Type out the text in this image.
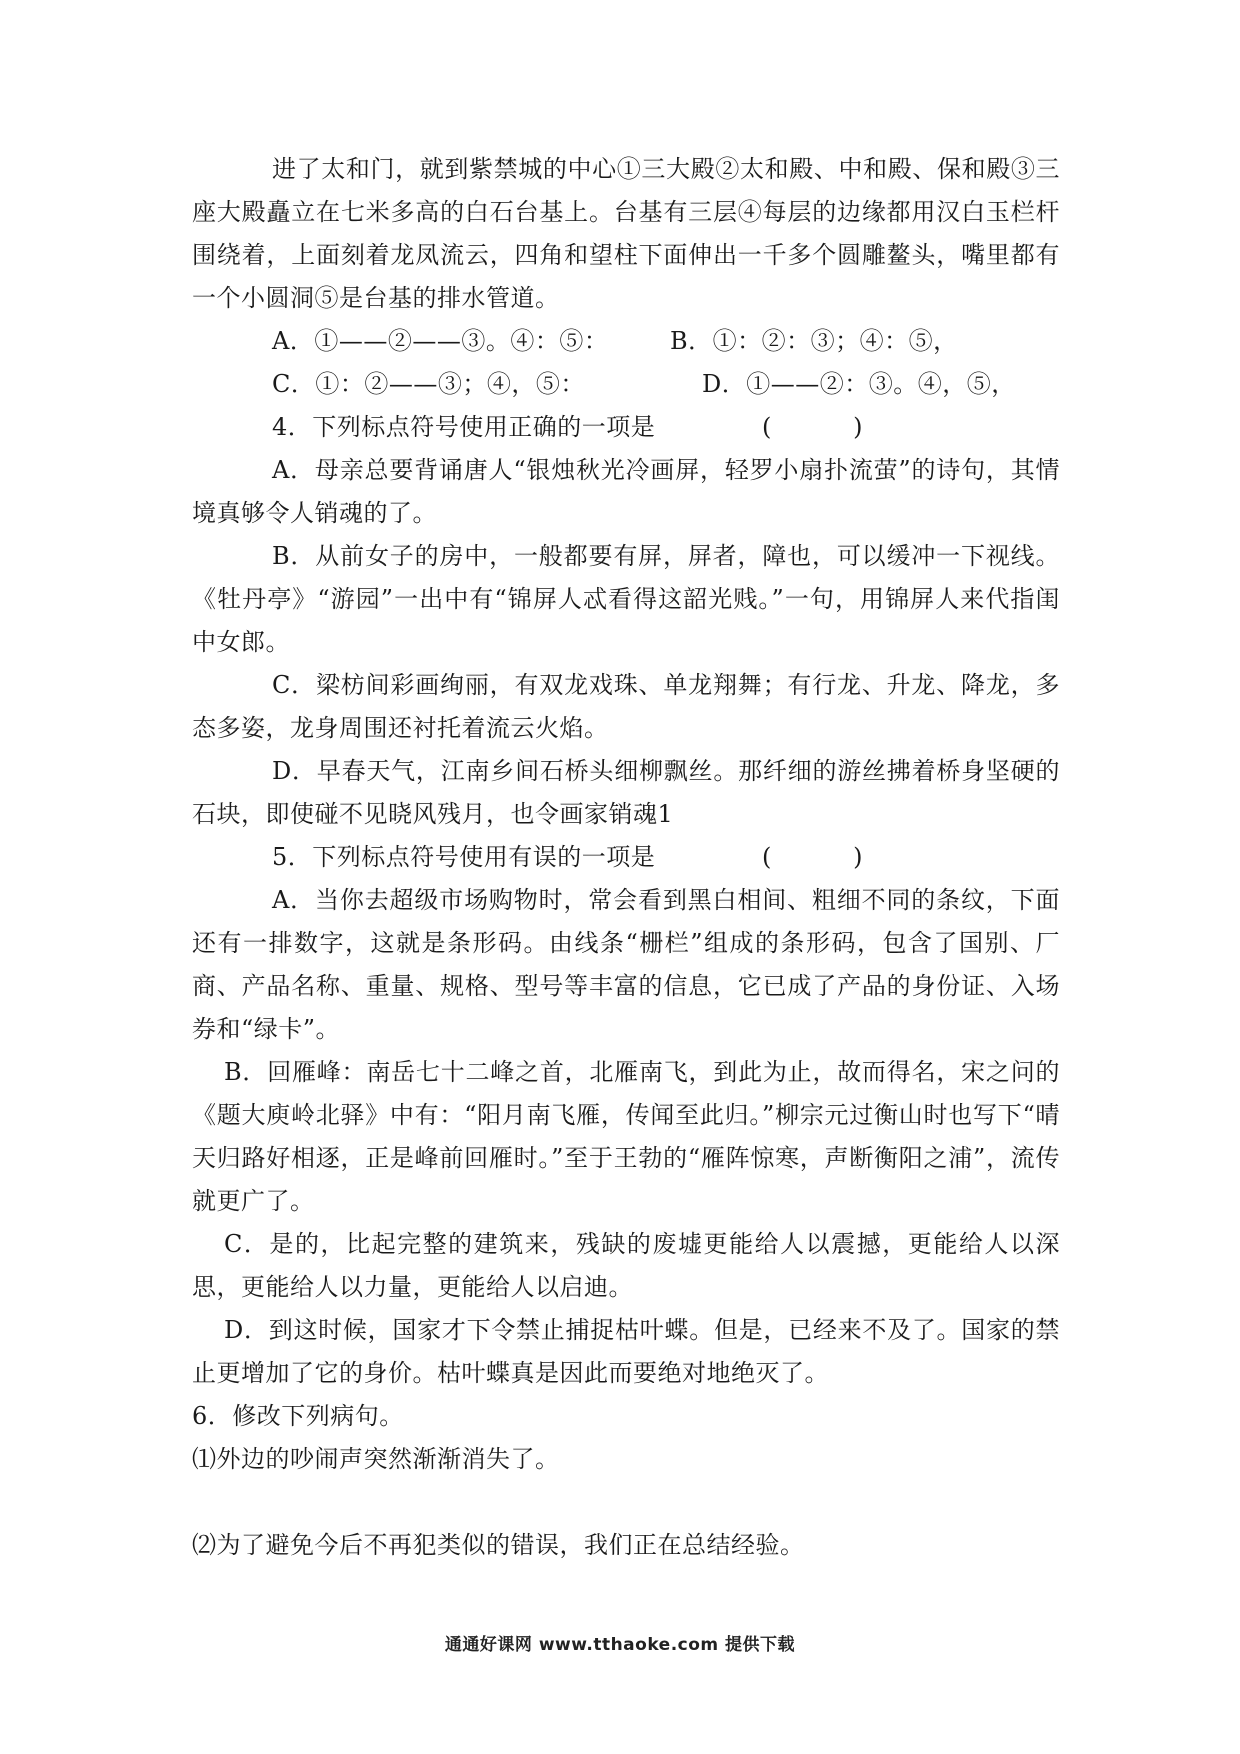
进了太和门，就到紫禁城的中心①三大殿②太和殿、中和殿、保和殿③三座大殿矗立在七米多高的白石台基上。台基有三层④每层的边缘都用汉白玉栏杆围绕着，上面刻着龙凤流云，四角和望柱下面伸出一千多个圆雕鳌头，嘴里都有一个小圆洞⑤是台基的排水管道。

A．①——②——③。④：⑤：	B．①：②：③；④：⑤，
C．①：②——③；④，⑤：	D．①——②：③。④，⑤，
4．下列标点符号使用正确的一项是	(          )

A．母亲总要背诵唐人“银烛秋光冷画屏，轻罗小扇扑流萤”的诗句，其情境真够令人销魂的了。

B．从前女子的房中，一般都要有屏，屏者，障也，可以缓冲一下视线。《牡丹亭》“游园”一出中有“锦屏人忒看得这韶光贱。”一句，用锦屏人来代指闺中女郎。

C．梁枋间彩画绚丽，有双龙戏珠、单龙翔舞；有行龙、升龙、降龙，多态多姿，龙身周围还衬托着流云火焰。

D．早春天气，江南乡间石桥头细柳飘丝。那纤细的游丝拂着桥身坚硬的石块，即使碰不见晓风残月，也令画家销魂1

5．下列标点符号使用有误的一项是	(          )

A．当你去超级市场购物时，常会看到黑白相间、粗细不同的条纹，下面还有一排数字，这就是条形码。由线条“栅栏”组成的条形码，包含了国别、厂商、产品名称、重量、规格、型号等丰富的信息，它已成了产品的身份证、入场券和“绿卡”。

B．回雁峰：南岳七十二峰之首，北雁南飞，到此为止，故而得名，宋之问的《题大庾岭北驿》中有：“阳月南飞雁，传闻至此归。”柳宗元过衡山时也写下“晴天归路好相逐，正是峰前回雁时。”至于王勃的“雁阵惊寒，声断衡阳之浦”，流传就更广了。

C．是的，比起完整的建筑来，残缺的废墟更能给人以震撼，更能给人以深思，更能给人以力量，更能给人以启迪。

D．到这时候，国家才下令禁止捕捉枯叶蝶。但是，已经来不及了。国家的禁止更增加了它的身价。枯叶蝶真是因此而要绝对地绝灭了。

6．修改下列病句。

⑴外边的吵闹声突然渐渐消失了。

⑵为了避免今后不再犯类似的错误，我们正在总结经验。

通通好课网 www.tthaoke.com 提供下载
